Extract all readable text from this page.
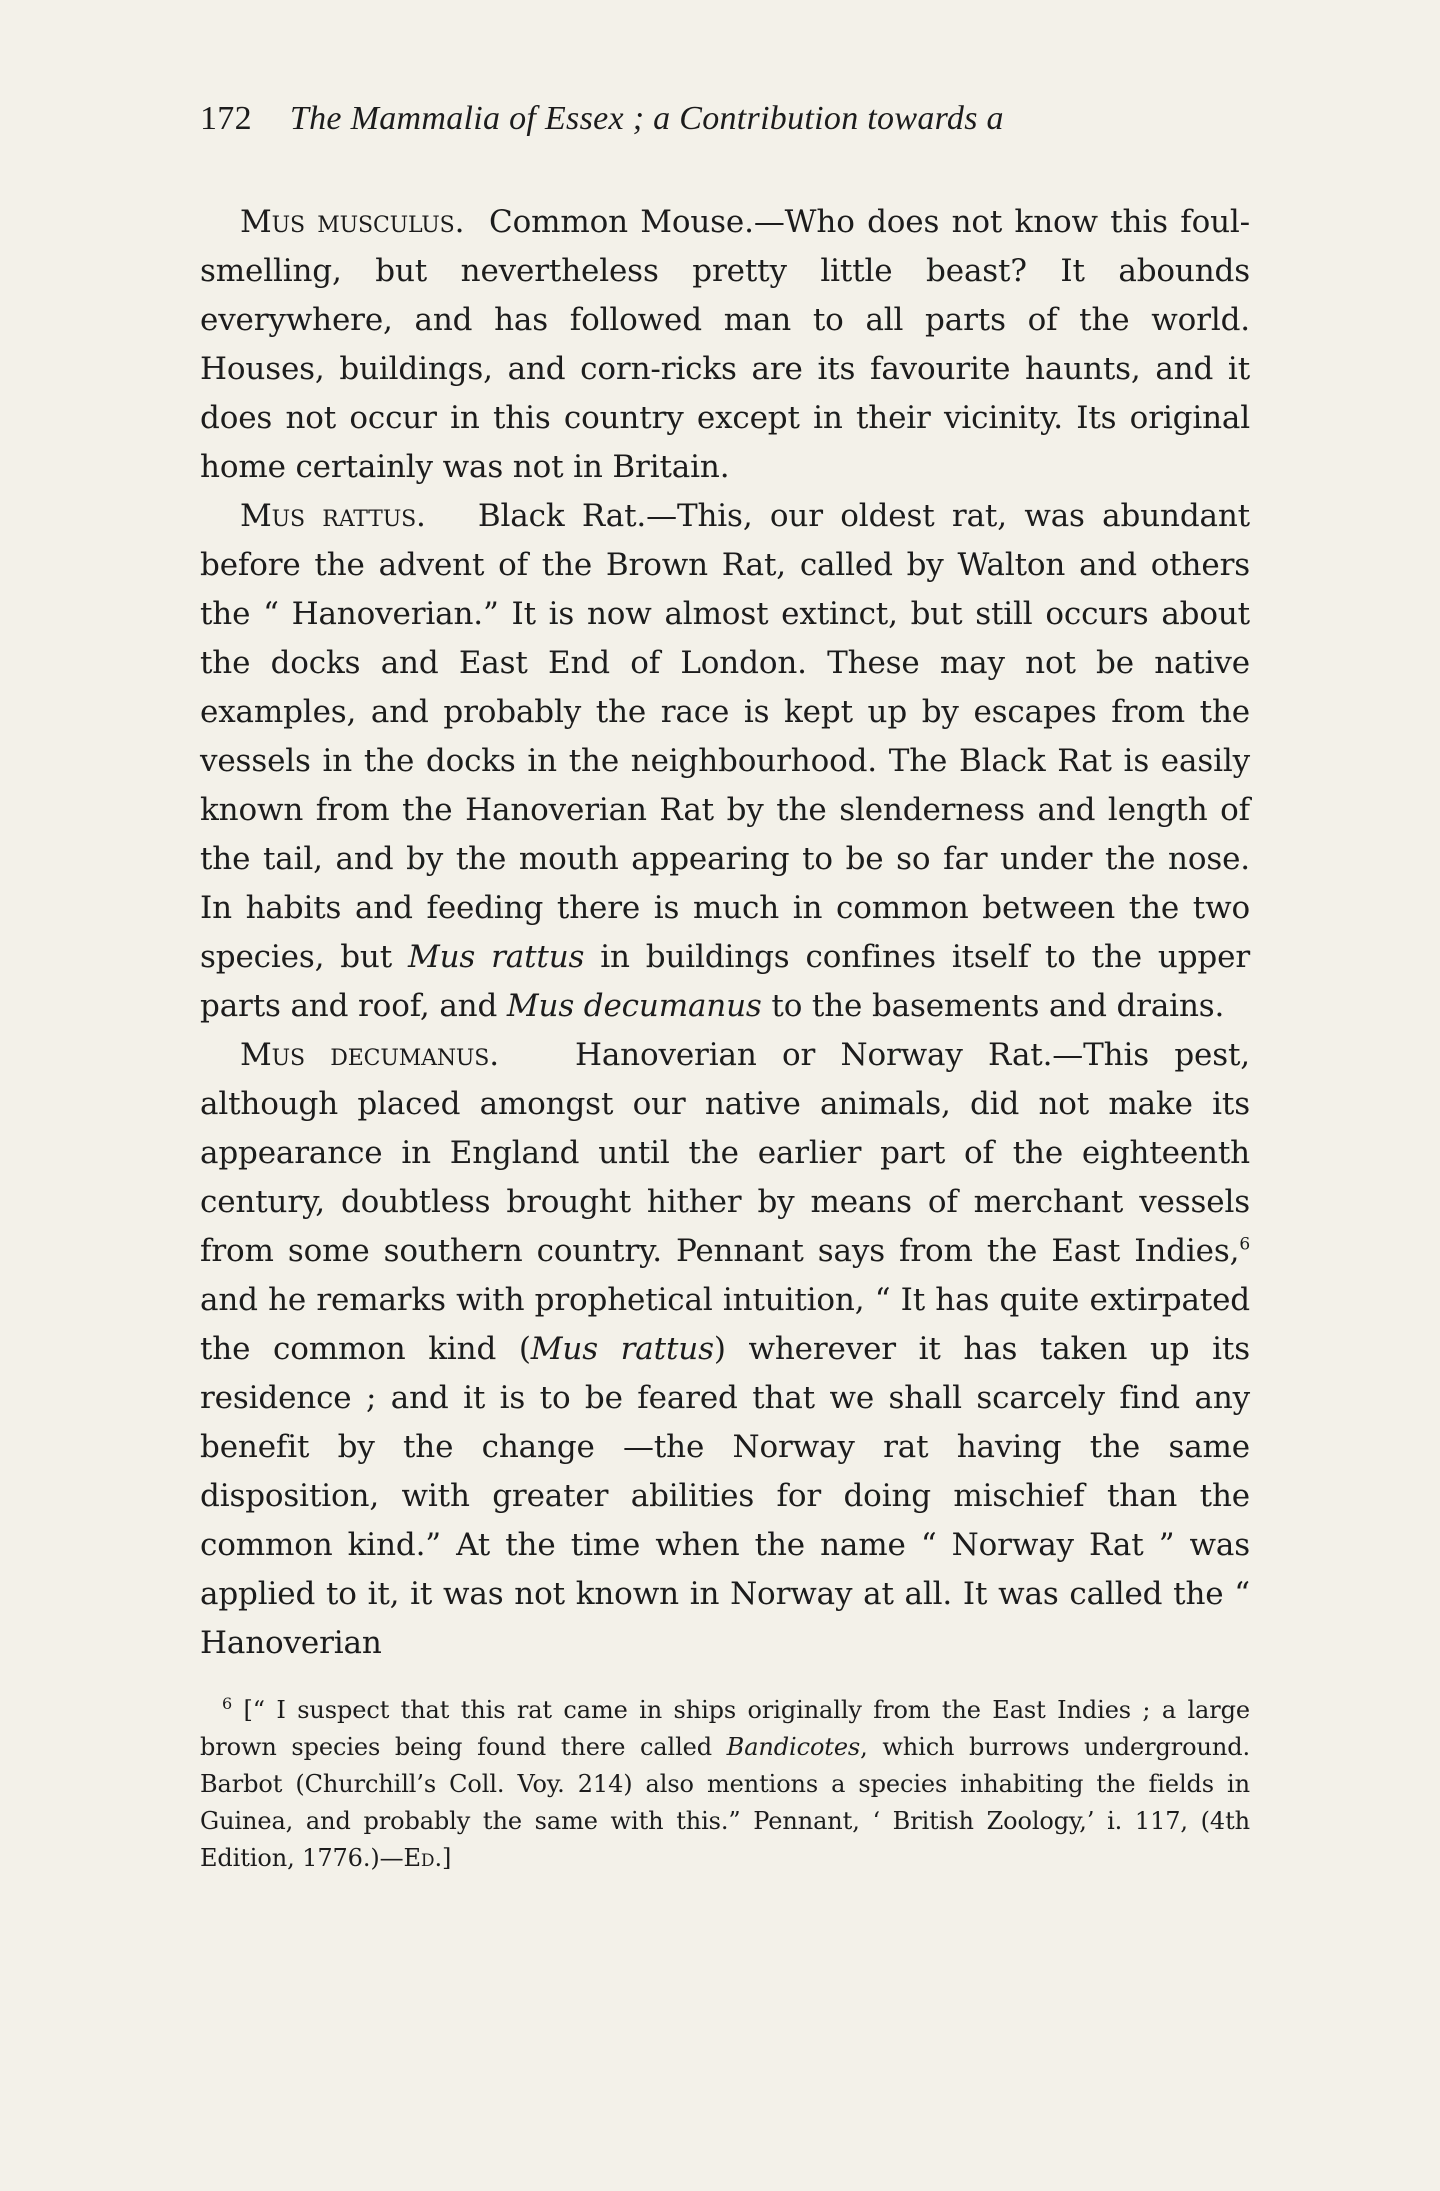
172 The Mammalia of Essex ; a Contribution towards a

Mus musculus. Common Mouse.—Who does not know this foul-smelling, but nevertheless pretty little beast? It abounds everywhere, and has followed man to all parts of the world. Houses, buildings, and corn-ricks are its favourite haunts, and it does not occur in this country except in their vicinity. Its original home certainly was not in Britain.

Mus rattus. Black Rat.—This, our oldest rat, was abundant before the advent of the Brown Rat, called by Walton and others the “ Hanoverian.” It is now almost extinct, but still occurs about the docks and East End of London. These may not be native examples, and probably the race is kept up by escapes from the vessels in the docks in the neighbourhood. The Black Rat is easily known from the Hanoverian Rat by the slenderness and length of the tail, and by the mouth appearing to be so far under the nose. In habits and feeding there is much in common between the two species, but Mus rattus in buildings confines itself to the upper parts and roof, and Mus decumanus to the basements and drains.

Mus decumanus. Hanoverian or Norway Rat.—This pest, although placed amongst our native animals, did not make its appearance in England until the earlier part of the eighteenth century, doubtless brought hither by means of merchant vessels from some southern country. Pennant says from the East Indies,$^6$ and he remarks with prophetical intuition, “ It has quite extirpated the common kind (Mus rattus) wherever it has taken up its residence ; and it is to be feared that we shall scarcely find any benefit by the change —the Norway rat having the same disposition, with greater abilities for doing mischief than the common kind.” At the time when the name “ Norway Rat ” was applied to it, it was not known in Norway at all. It was called the “ Hanoverian

$^6$ [“ I suspect that this rat came in ships originally from the East Indies ; a large brown species being found there called Bandicotes, which burrows underground. Barbot (Churchill’s Coll. Voy. 214) also mentions a species inhabiting the fields in Guinea, and probably the same with this.” Pennant, ‘ British Zoology,’ i. 117, (4th Edition, 1776.)—Ed.]
